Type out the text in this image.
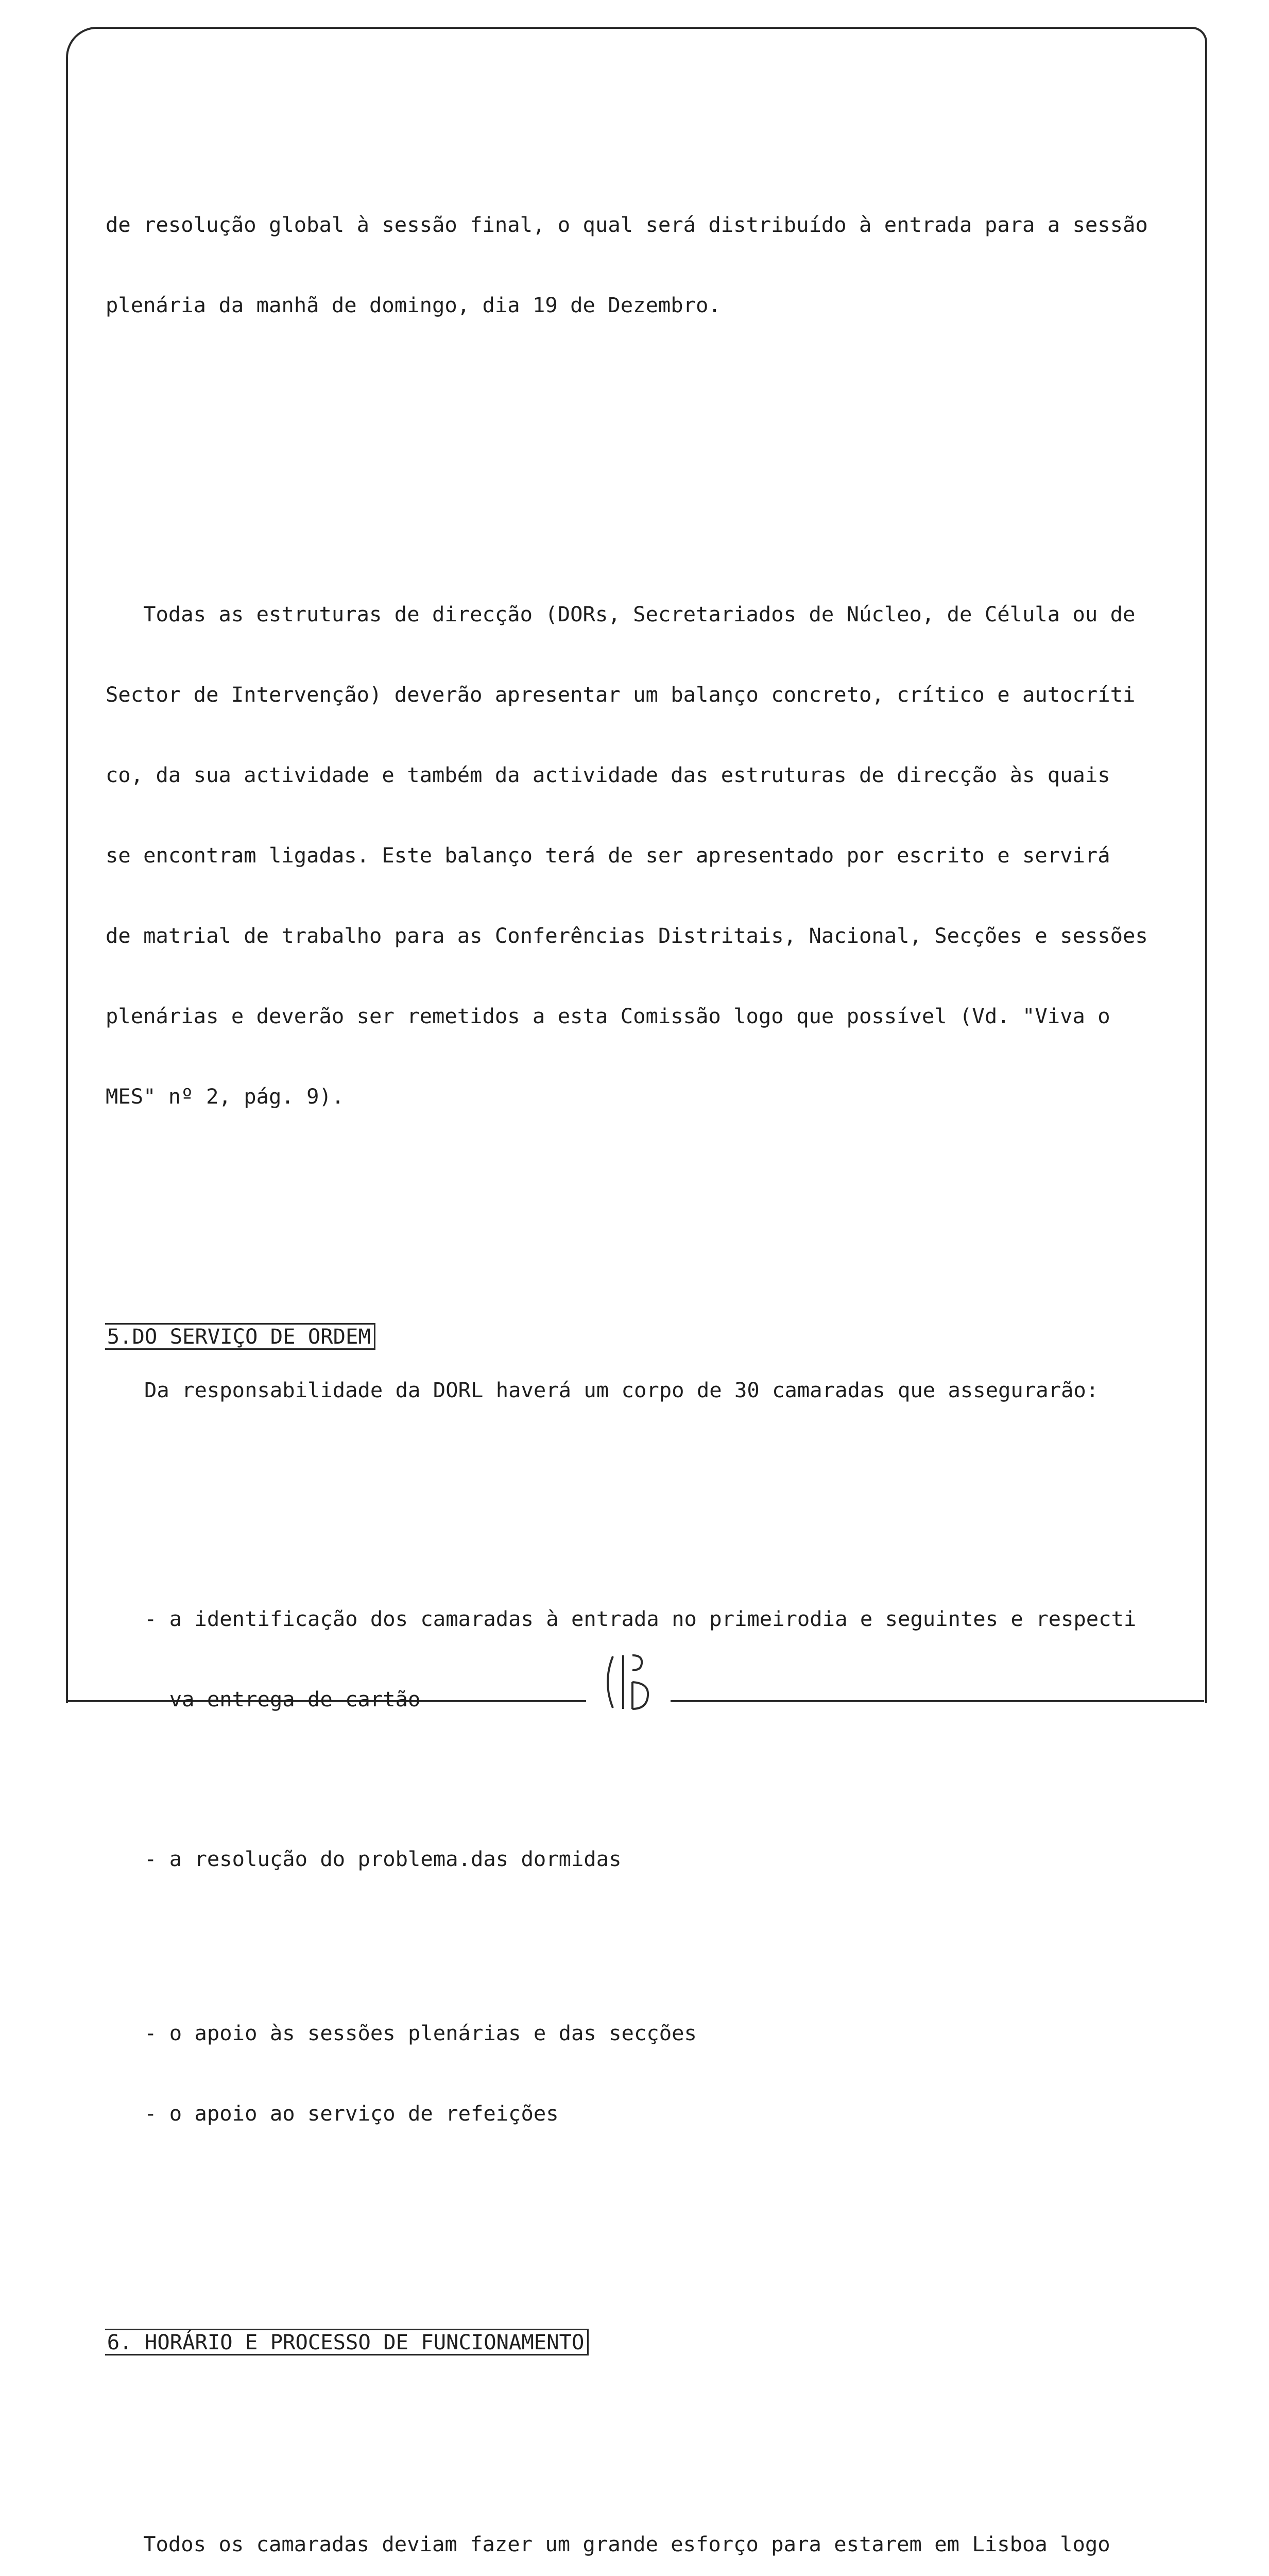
de resolução global à sessão final, o qual será distribuído à entrada para a sessão

plenária da manhã de domingo, dia 19 de Dezembro.

Todas as estruturas de direcção (DORs, Secretariados de Núcleo, de Célula ou de

Sector de Intervenção) deverão apresentar um balanço concreto, crítico e autocríti

co, da sua actividade e também da actividade das estruturas de direcção às quais

se encontram ligadas. Este balanço terá de ser apresentado por escrito e servirá

de matrial de trabalho para as Conferências Distritais, Nacional, Secções e sessões

plenárias e deverão ser remetidos a esta Comissão logo que possível (Vd. "Viva o

MES" nº 2, pág. 9).

5.DO SERVIÇO DE ORDEM

Da responsabilidade da DORL haverá um corpo de 30 camaradas que assegurarão:

- a identificação dos camaradas à entrada no primeirodia e seguintes e respecti

va entrega de cartão

- a resolução do problema.das dormidas

- o apoio às sessões plenárias e das secções

- o apoio ao serviço de refeições

6. HORÁRIO E PROCESSO DE FUNCIONAMENTO

Todos os camaradas deviam fazer um grande esforço para estarem em Lisboa logo
